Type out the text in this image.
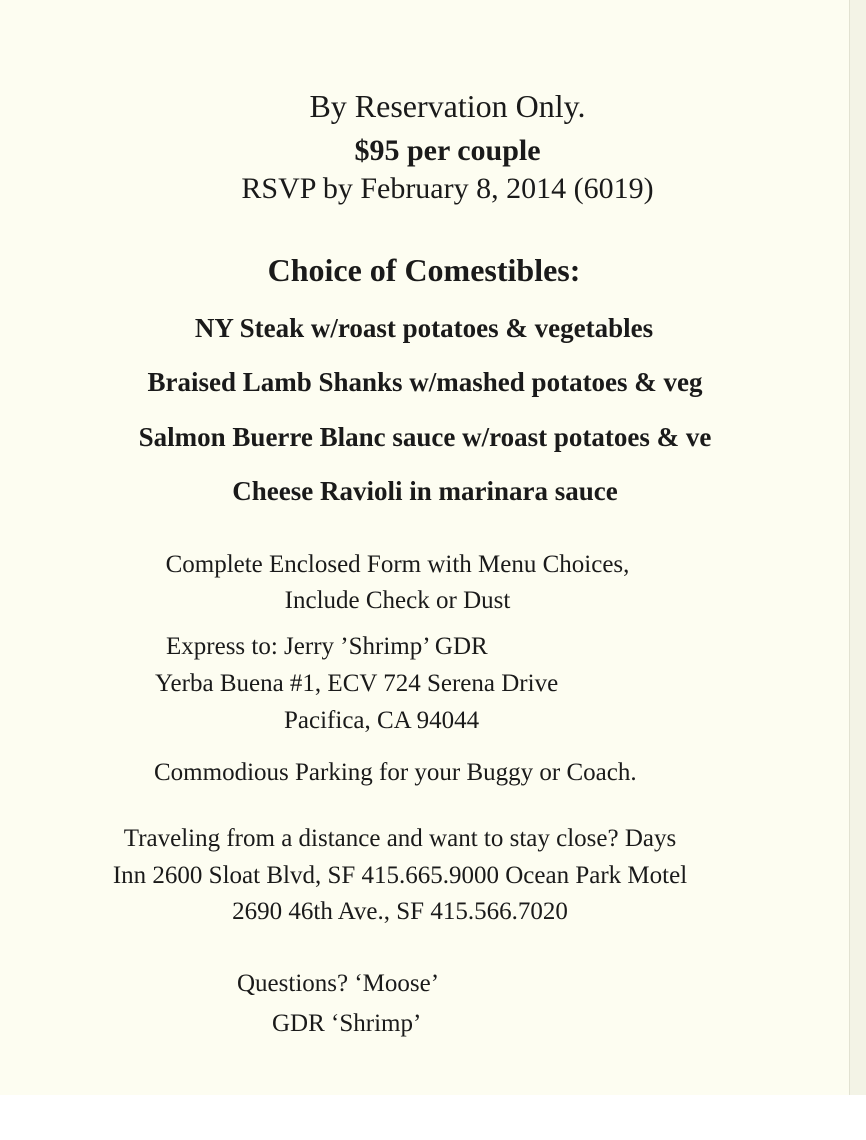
By Reservation Only.

$95 per couple

RSVP by February 8, 2014 (6019)

Choice of Comestibles:

NY Steak w/roast potatoes & vegetables

Braised Lamb Shanks w/mashed potatoes & veg

Salmon Buerre Blanc sauce w/roast potatoes & ve

Cheese Ravioli in marinara sauce

Complete Enclosed Form with Menu Choices,

Include Check or Dust

Express to: Jerry ’Shrimp’ GDR

Yerba Buena #1, ECV 724 Serena Drive

Pacifica, CA 94044

Commodious Parking for your Buggy or Coach.

Traveling from a distance and want to stay close? Days

Inn 2600 Sloat Blvd, SF 415.665.9000 Ocean Park Motel

2690 46th Ave., SF 415.566.7020

Questions? ‘Moose’

GDR ‘Shrimp’
